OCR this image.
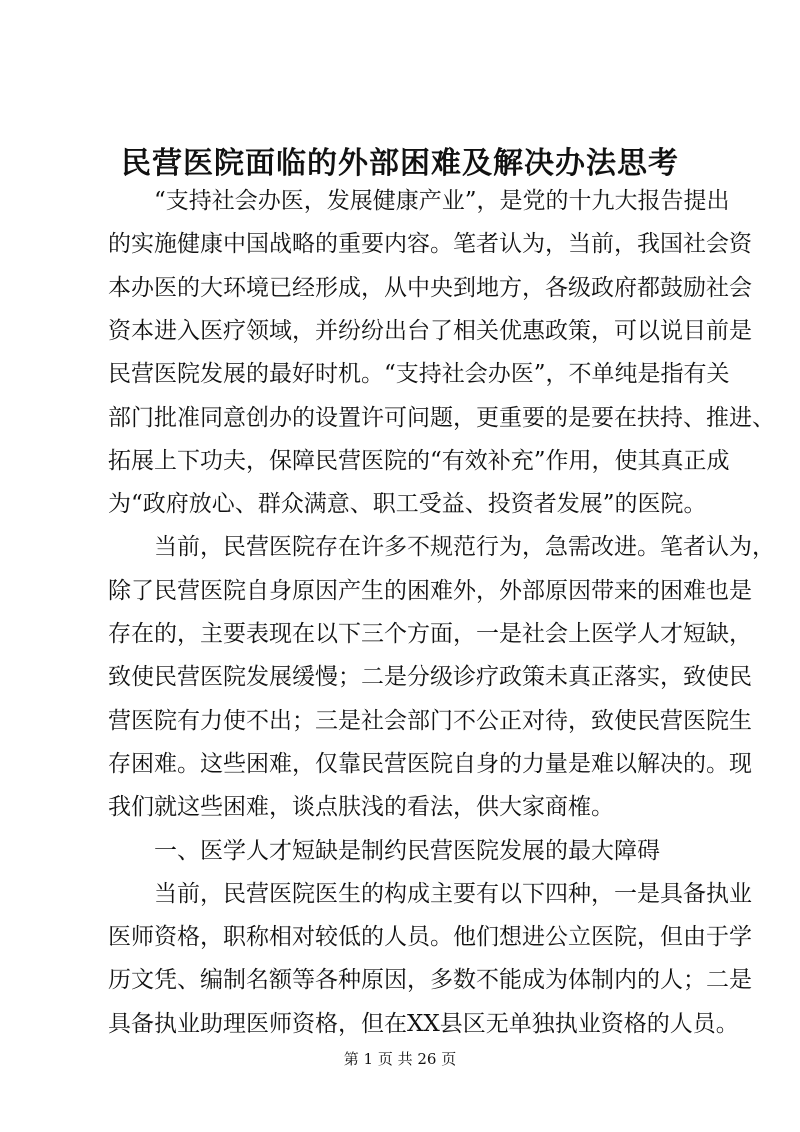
民营医院面临的外部困难及解决办法思考
　　“支持社会办医，发展健康产业”，是党的十九大报告提出
的实施健康中国战略的重要内容。笔者认为，当前，我国社会资
本办医的大环境已经形成，从中央到地方，各级政府都鼓励社会
资本进入医疗领域，并纷纷出台了相关优惠政策，可以说目前是
民营医院发展的最好时机。“支持社会办医”，不单纯是指有关
部门批准同意创办的设置许可问题，更重要的是要在扶持、推进、
拓展上下功夫，保障民营医院的“有效补充”作用，使其真正成
为“政府放心、群众满意、职工受益、投资者发展”的医院。
　　当前，民营医院存在许多不规范行为，急需改进。笔者认为，
除了民营医院自身原因产生的困难外，外部原因带来的困难也是
存在的，主要表现在以下三个方面，一是社会上医学人才短缺，
致使民营医院发展缓慢；二是分级诊疗政策未真正落实，致使民
营医院有力使不出；三是社会部门不公正对待，致使民营医院生
存困难。这些困难，仅靠民营医院自身的力量是难以解决的。现
我们就这些困难，谈点肤浅的看法，供大家商榷。
　　一、医学人才短缺是制约民营医院发展的最大障碍
　　当前，民营医院医生的构成主要有以下四种，一是具备执业
医师资格，职称相对较低的人员。他们想进公立医院，但由于学
历文凭、编制名额等各种原因，多数不能成为体制内的人；二是
第 1 页 共 26 页
具备执业助理医师资格，但在XX县区无单独执业资格的人员。
